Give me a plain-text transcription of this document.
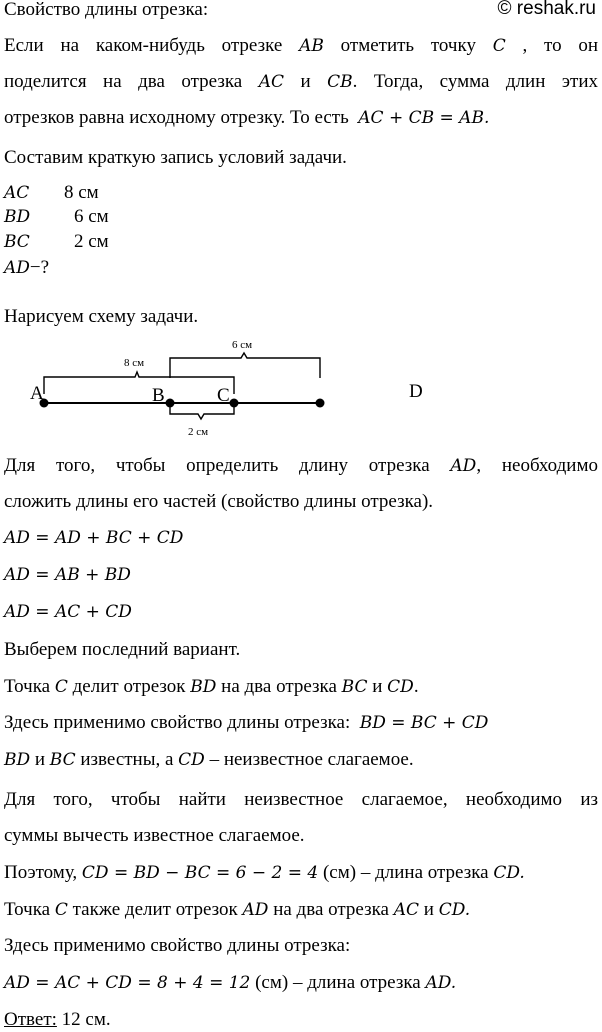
Свойство длины отрезка:	© reshak.ru
Если на каком-нибудь отрезке AB отметить точку C , то он
поделится на два отрезка AC и CB. Тогда, сумма длин этих
отрезков равна исходному отрезку. То есть AC + CB = AB.
Составим краткую запись условий задачи.
AC 8 см
BD 6 см
BC 2 см
AD−?
Нарисуем схему задачи.
A	B	C	D
8 см
6 см
2 см
Для того, чтобы определить длину отрезка AD, необходимо
сложить длины его частей (свойство длины отрезка).
AD = AD + BC + CD
AD = AB + BD
AD = AC + CD
Выберем последний вариант.
Точка C делит отрезок BD на два отрезка BC и CD.
Здесь применимо свойство длины отрезка: BD = BC + CD
BD и BC известны, а CD – неизвестное слагаемое.
Для того, чтобы найти неизвестное слагаемое, необходимо из
суммы вычесть известное слагаемое.
Поэтому, CD = BD − BC = 6 − 2 = 4 (см) – длина отрезка CD.
Точка C также делит отрезок AD на два отрезка AC и CD.
Здесь применимо свойство длины отрезка:
AD = AC + CD = 8 + 4 = 12 (см) – длина отрезка AD.
Ответ: 12 см.
